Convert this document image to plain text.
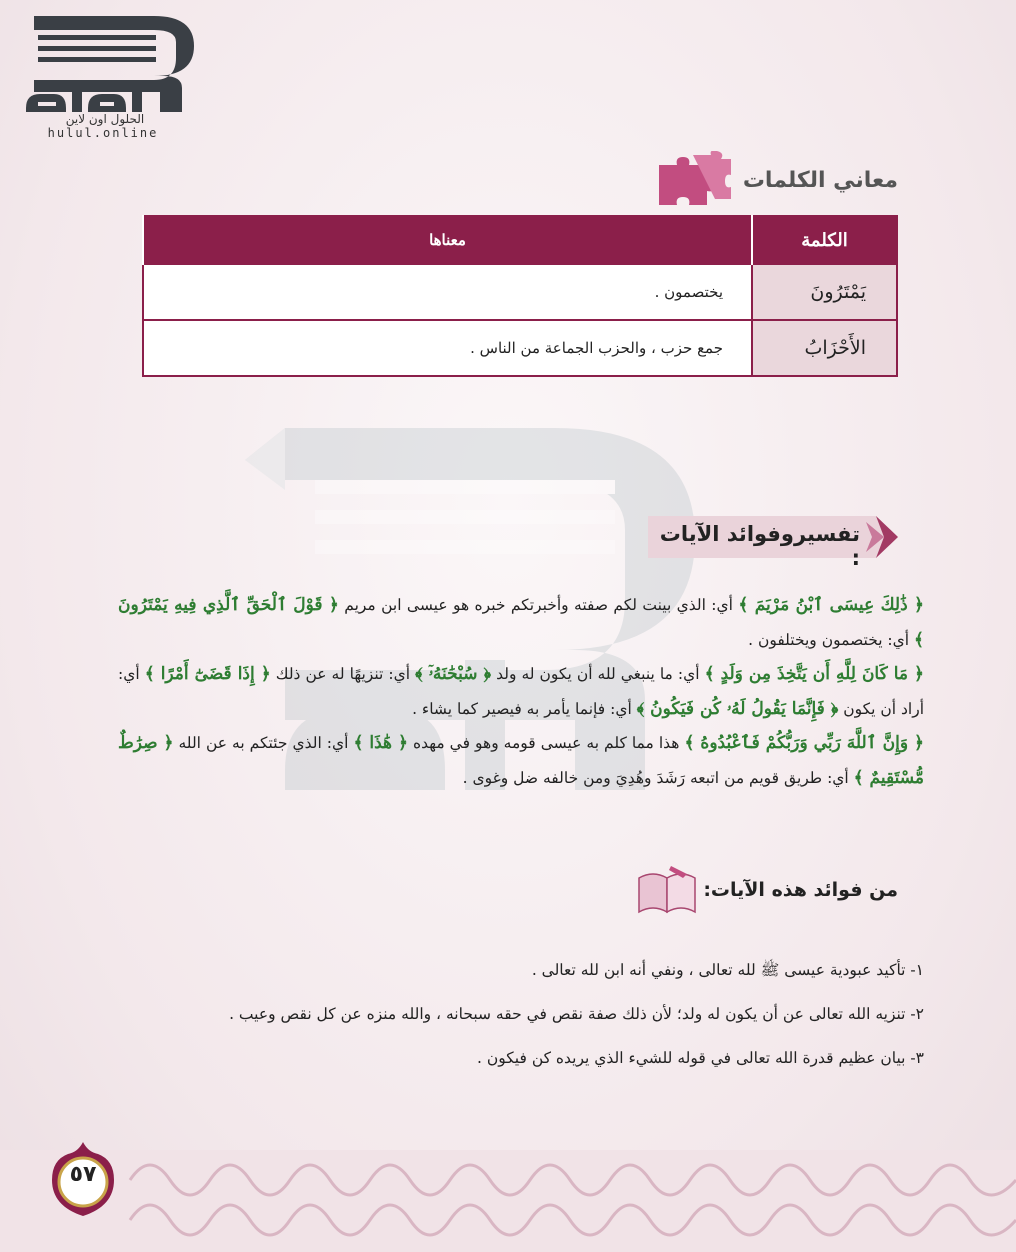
الحلول اون لاين
hulul.online
معاني الكلمات
الكلمة	معناها
يَمْتَرُونَ	يختصمون .
الأَحْزَابُ	جمع حزب ، والحزب الجماعة من الناس .
تفسيروفوائد الآيات :

﴿ ذَٰلِكَ عِيسَى ٱبْنُ مَرْيَمَ ﴾ أي: الذي بينت لكم صفته وأخبرتكم خبره هو عيسى ابن مريم ﴿ قَوْلَ ٱلْحَقِّ ٱلَّذِي فِيهِ يَمْتَرُونَ ﴾ أي: يختصمون ويختلفون .

﴿ مَا كَانَ لِلَّهِ أَن يَتَّخِذَ مِن وَلَدٍ ﴾ أي: ما ينبغي لله أن يكون له ولد ﴿ سُبْحَٰنَهُۥٓ ﴾ أي: تنزيهًا له عن ذلك ﴿ إِذَا قَضَىٰٓ أَمْرًا ﴾ أي: أراد أن يكون ﴿ فَإِنَّمَا يَقُولُ لَهُۥ كُن فَيَكُونُ ﴾ أي: فإنما يأمر به فيصير كما يشاء .

﴿ وَإِنَّ ٱللَّهَ رَبِّي وَرَبُّكُمْ فَٱعْبُدُوهُ ﴾ هذا مما كلم به عيسى قومه وهو في مهده ﴿ هَٰذَا ﴾ أي: الذي جئتكم به عن الله ﴿ صِرَٰطٌ مُّسْتَقِيمٌ ﴾ أي: طريق قويم من اتبعه رَشَدَ وهُدِيَ ومن خالفه ضل وغوى .

من فوائد هذه الآيات:

١- تأكيد عبودية عيسى ﷺ لله تعالى ، ونفي أنه ابن لله تعالى .

٢- تنزيه الله تعالى عن أن يكون له ولد؛ لأن ذلك صفة نقص في حقه سبحانه ، والله منزه عن كل نقص وعيب .

٣- بيان عظيم قدرة الله تعالى في قوله للشيء الذي يريده كن فيكون .

٥٧
